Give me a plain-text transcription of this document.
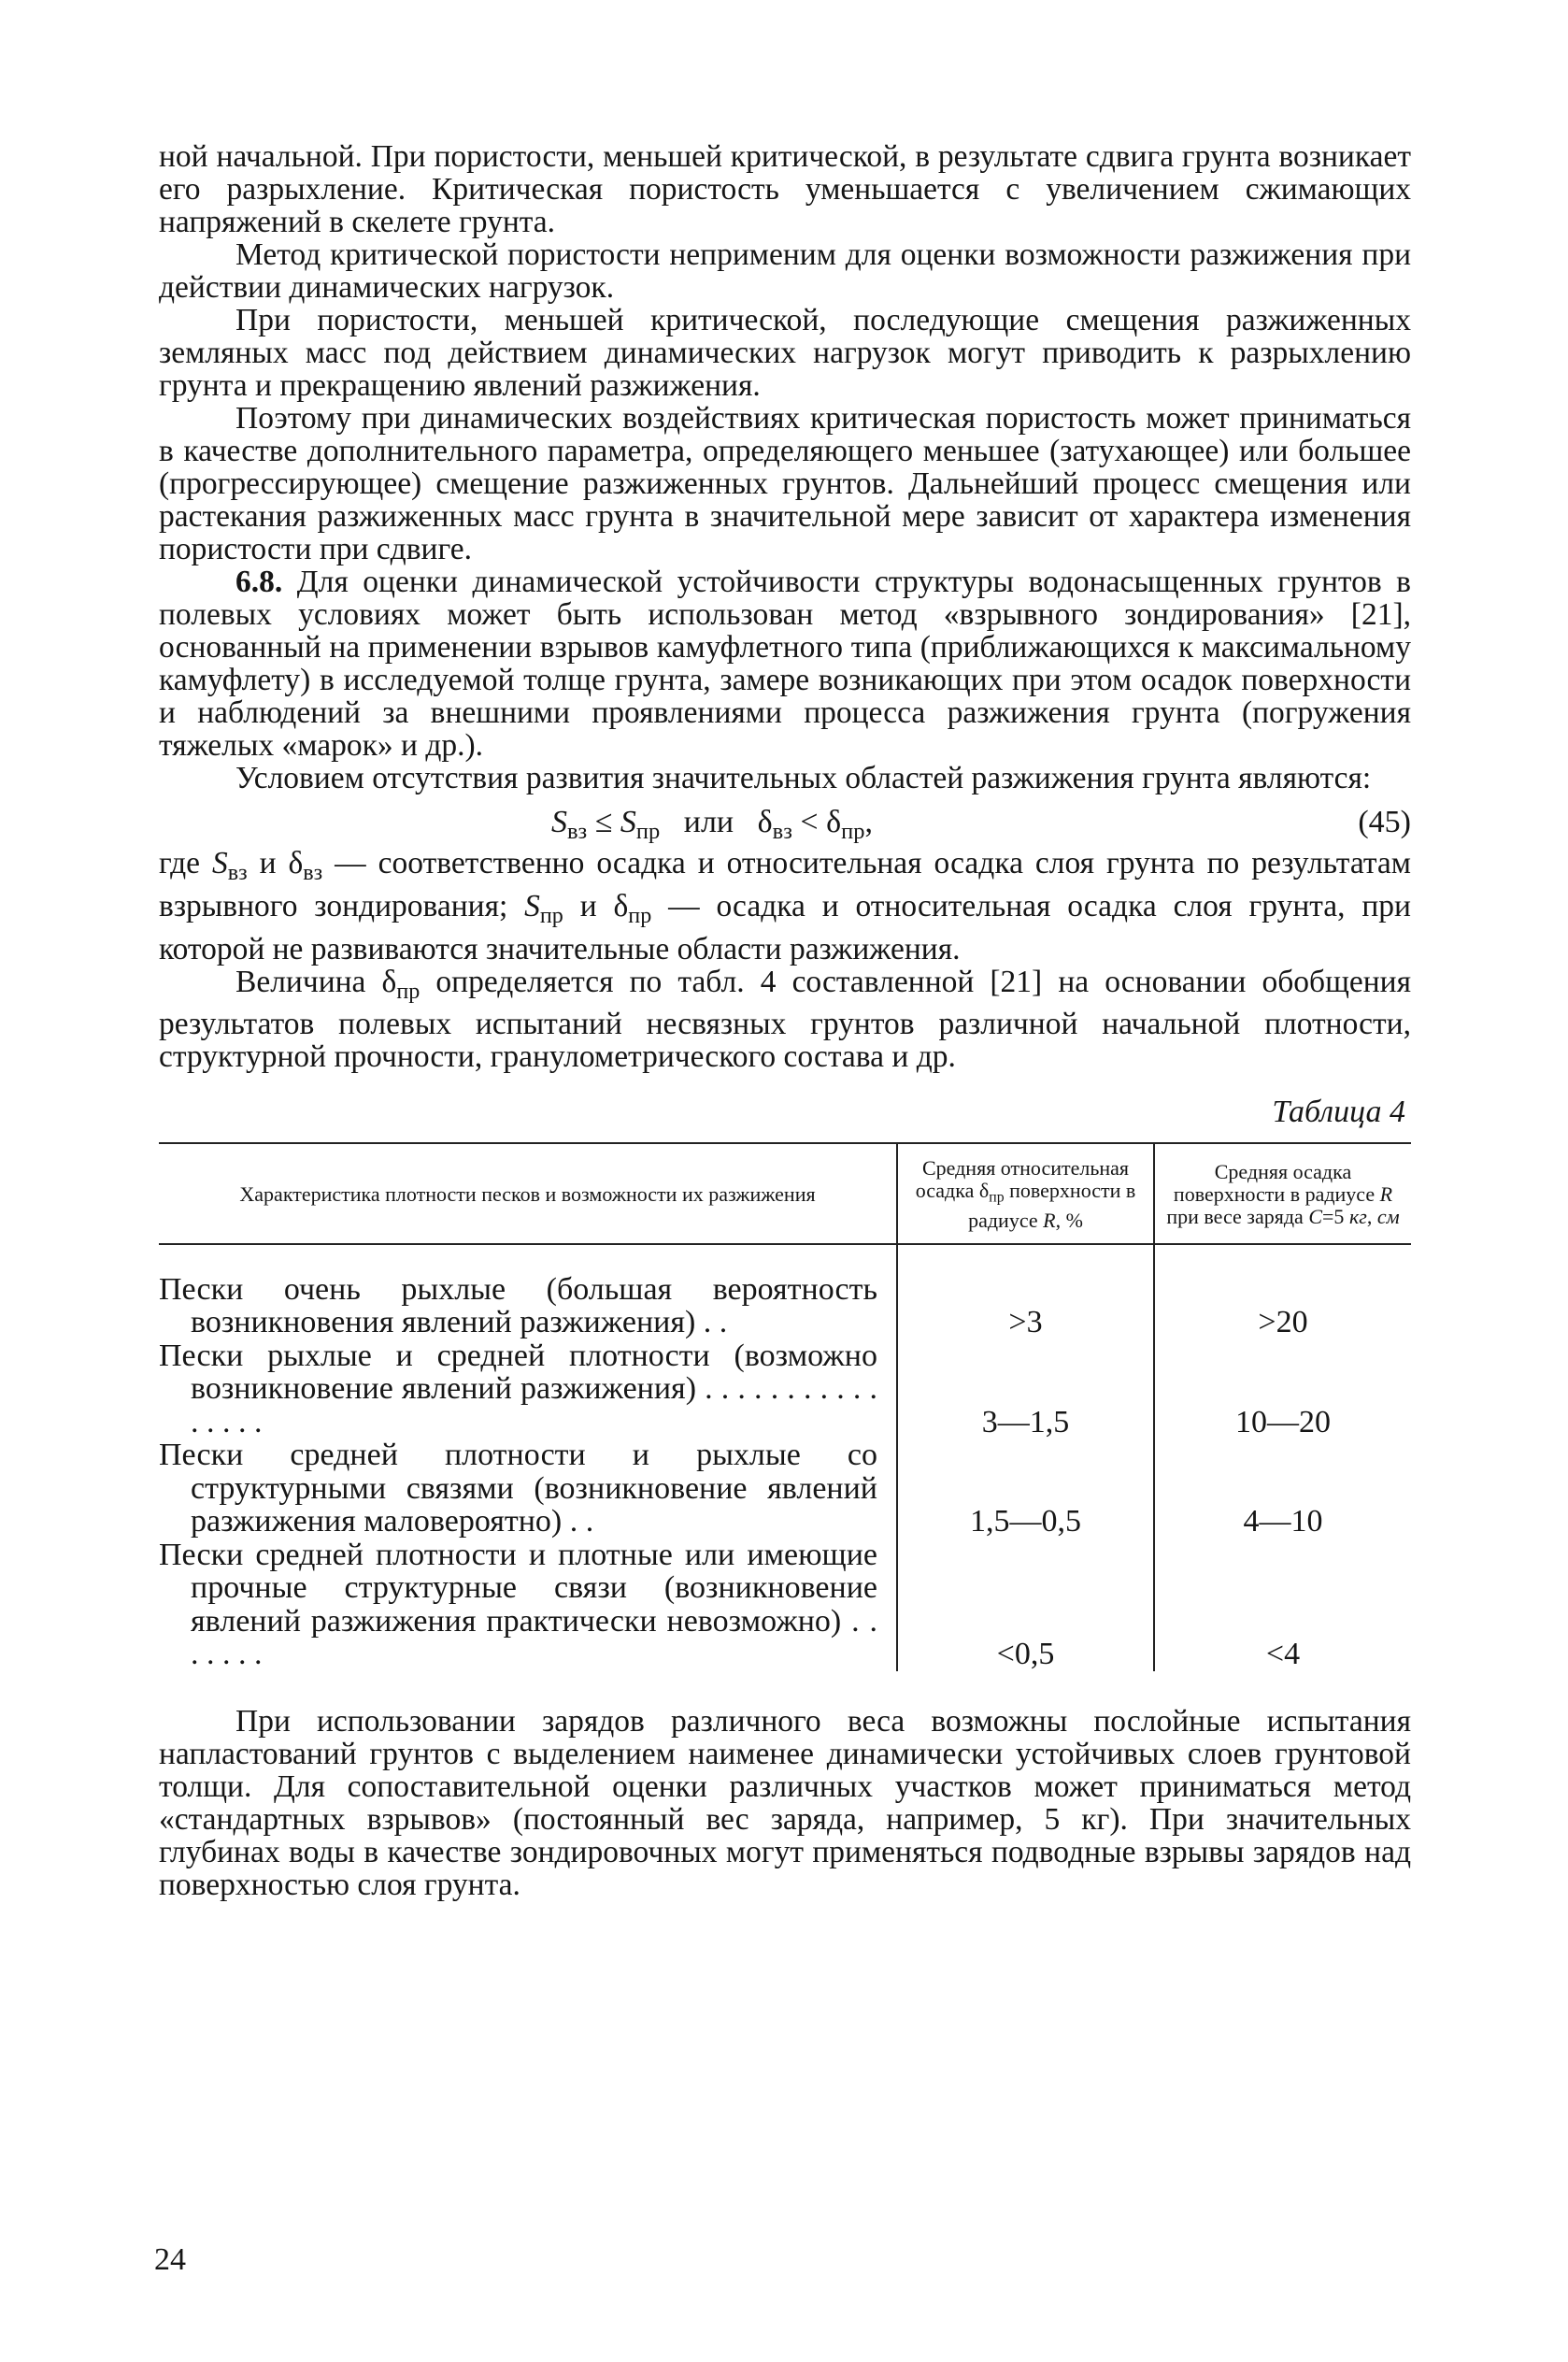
ной начальной. При пористости, меньшей критической, в результате сдвига грунта возникает его разрыхление. Критическая пористость уменьшается с увеличением сжимающих напряжений в скелете грунта.

Метод критической пористости неприменим для оценки возможности разжижения при действии динамических нагрузок.

При пористости, меньшей критической, последующие смещения разжиженных земляных масс под действием динамических нагрузок могут приводить к разрыхлению грунта и прекращению явлений разжижения.

Поэтому при динамических воздействиях критическая пористость может приниматься в качестве дополнительного параметра, определяющего меньшее (затухающее) или большее (прогрессирующее) смещение разжиженных грунтов. Дальнейший процесс смещения или растекания разжиженных масс грунта в значительной мере зависит от характера изменения пористости при сдвиге.

6.8. Для оценки динамической устойчивости структуры водонасыщенных грунтов в полевых условиях может быть использован метод «взрывного зондирования» [21], основанный на применении взрывов камуфлетного типа (приближающихся к максимальному камуфлету) в исследуемой толще грунта, замере возникающих при этом осадок поверхности и наблюдений за внешними проявлениями процесса разжижения грунта (погружения тяжелых «марок» и др.).

Условием отсутствия развития значительных областей разжижения грунта являются:

$S_{вз} \le S_{пр}$   или   $\delta_{вз} < \delta_{пр}$,	(45)

где $S_{вз}$ и $\delta_{вз}$ — соответственно осадка и относительная осадка слоя грунта по результатам взрывного зондирования; $S_{пр}$ и $\delta_{пр}$ — осадка и относительная осадка слоя грунта, при которой не развиваются значительные области разжижения.

Величина $\delta_{пр}$ определяется по табл. 4 составленной [21] на основании обобщения результатов полевых испытаний несвязных грунтов различной начальной плотности, структурной прочности, гранулометрического состава и др.

Таблица 4
Характеристика плотности песков и возможности их разжижения	Средняя относительная осадка $\delta_{пр}$ поверхности в радиусе R, %	Средняя осадка поверхности в радиусе R при весе заряда C=5 кг, см

Пески очень рыхлые (большая вероятность возникновения явлений разжижения) . .	>3	>20

Пески рыхлые и средней плотности (возможно возникновение явлений разжижения) . . . . . . . . . . . . . . . .	3—1,5	10—20

Пески средней плотности и рыхлые со структурными связями (возникновение явлений разжижения маловероятно) . .	1,5—0,5	4—10

Пески средней плотности и плотные или имеющие прочные структурные связи (возникновение явлений разжижения практически невозможно) . . . . . . .	<0,5	<4

При использовании зарядов различного веса возможны послойные испытания напластований грунтов с выделением наименее динамически устойчивых слоев грунтовой толщи. Для сопоставительной оценки различных участков может приниматься метод «стандартных взрывов» (постоянный вес заряда, например, 5 кг). При значительных глубинах воды в качестве зондировочных могут применяться подводные взрывы зарядов над поверхностью слоя грунта.

24
